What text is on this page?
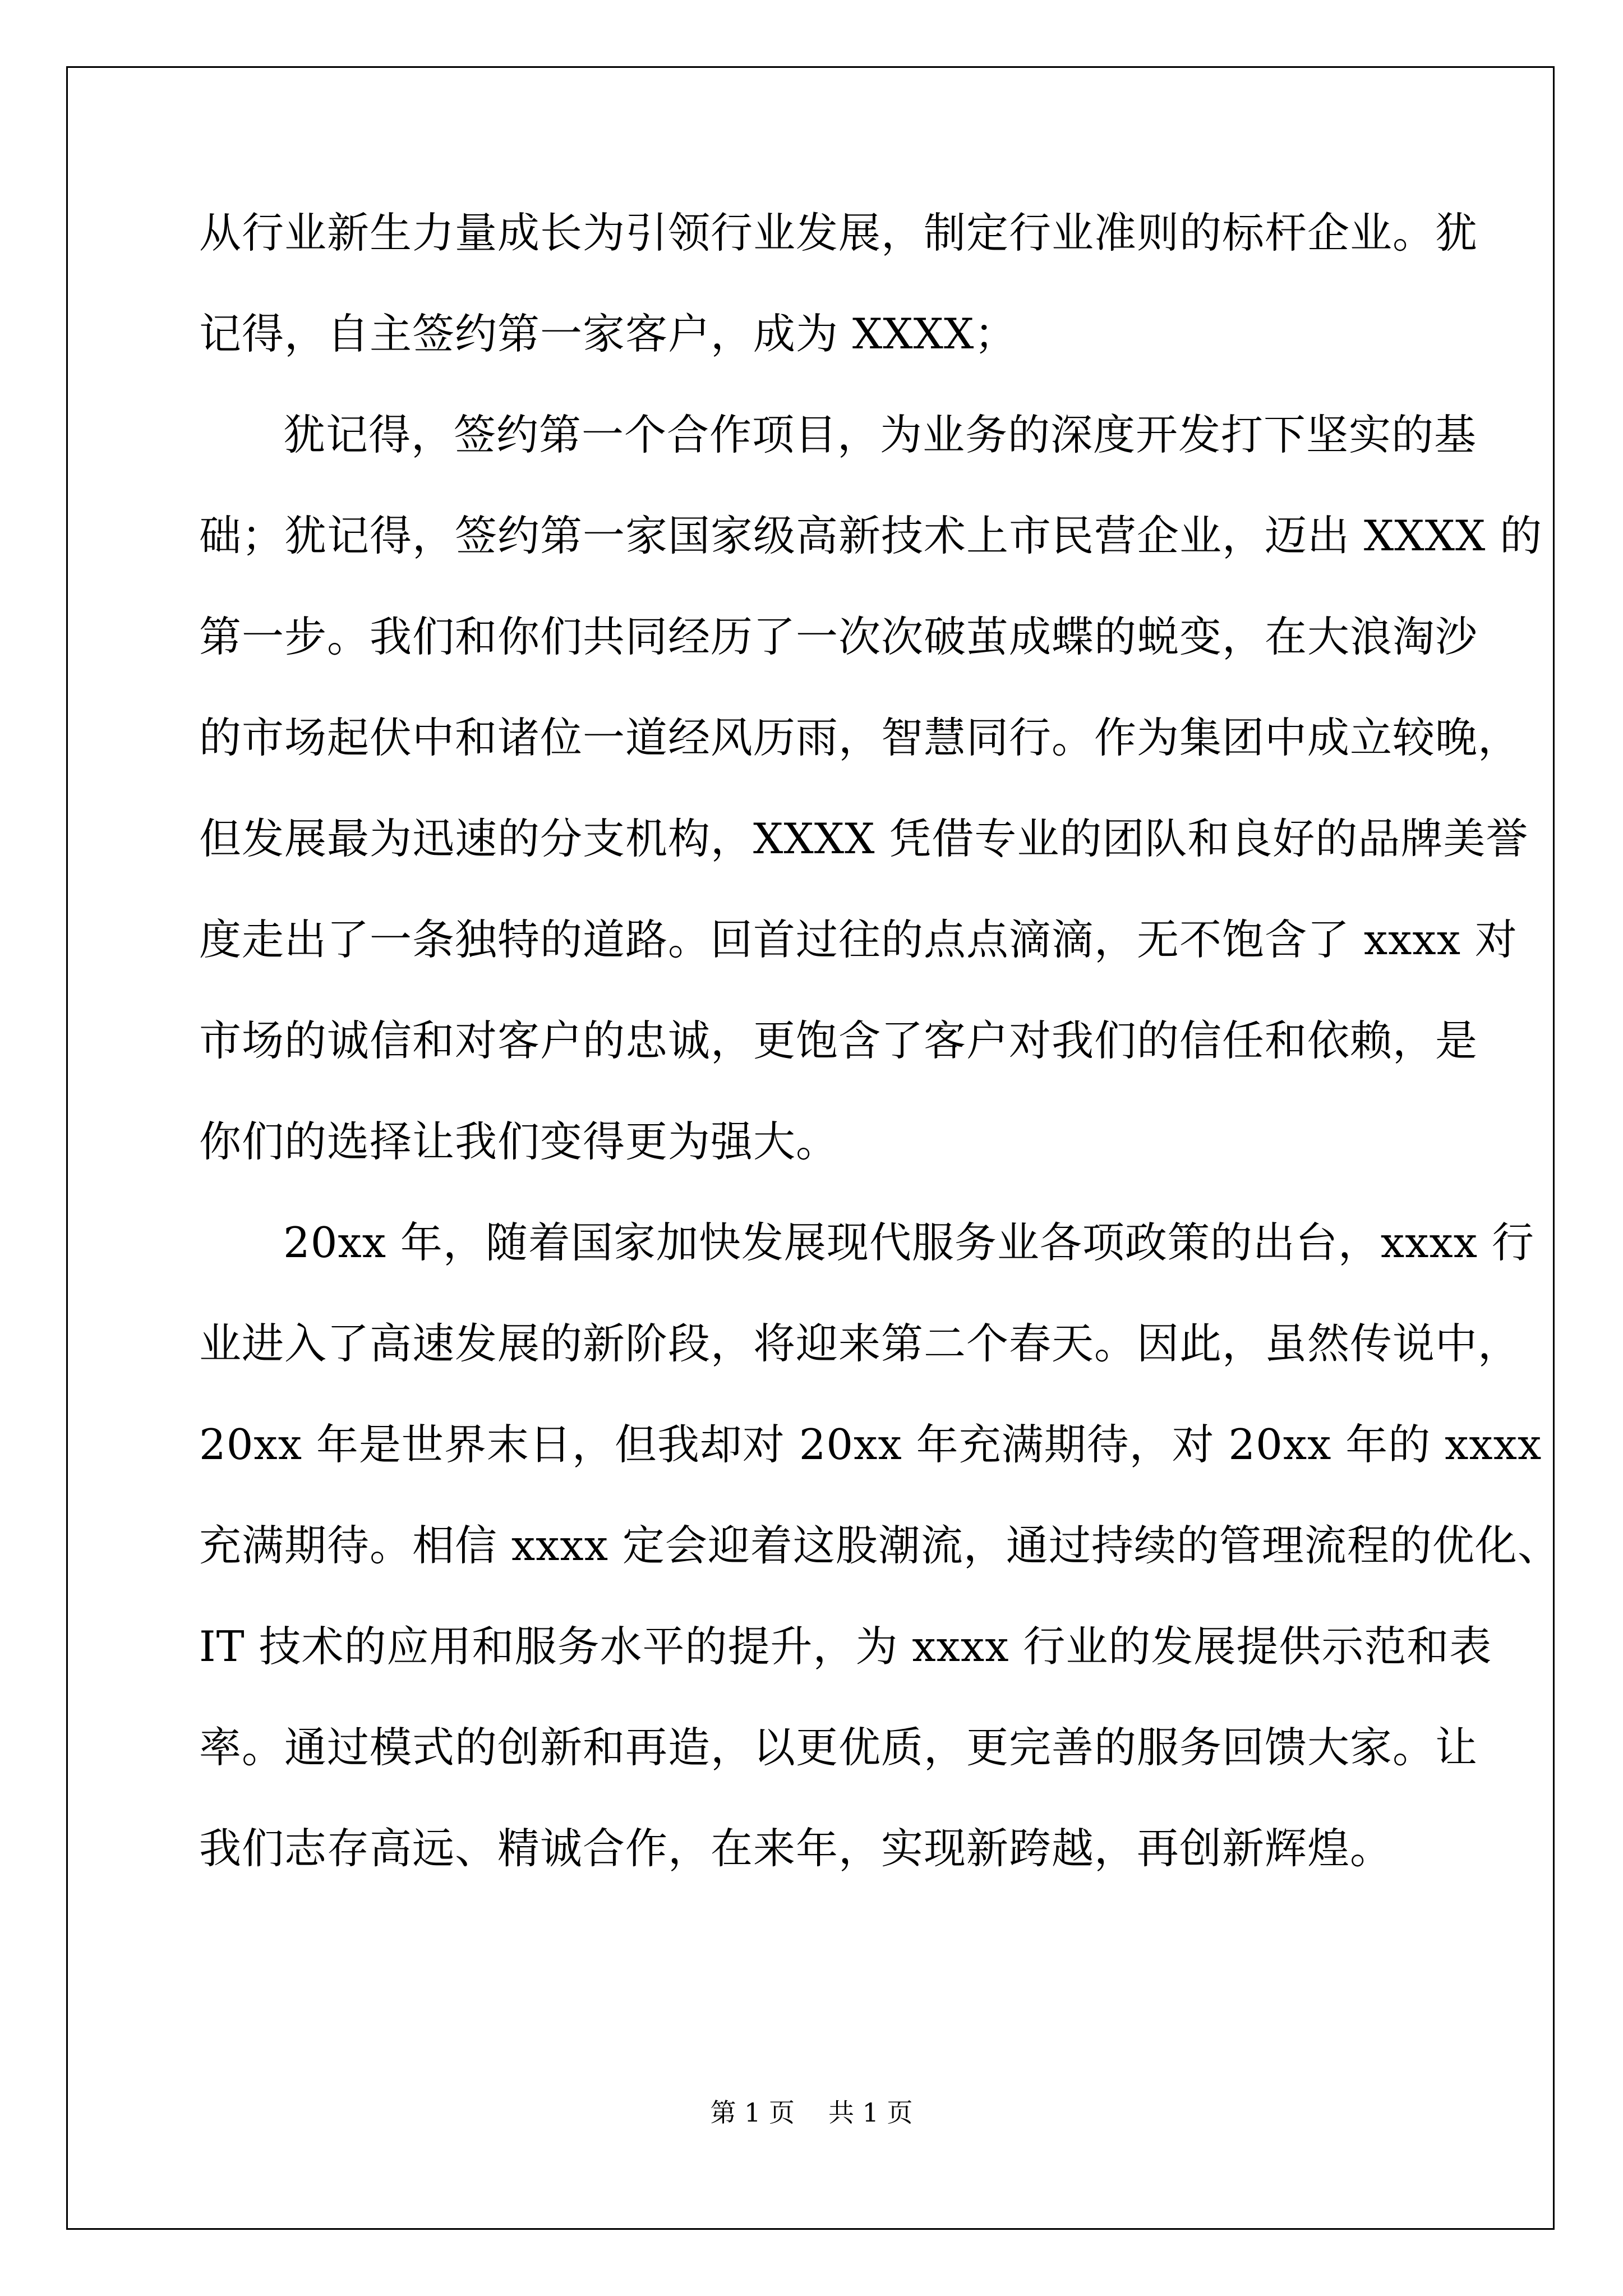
从行业新生力量成长为引领行业发展，制定行业准则的标杆企业。犹
记得，自主签约第一家客户，成为 XXXX；
犹记得，签约第一个合作项目，为业务的深度开发打下坚实的基
础；犹记得，签约第一家国家级高新技术上市民营企业，迈出 XXXX 的
第一步。我们和你们共同经历了一次次破茧成蝶的蜕变，在大浪淘沙
的市场起伏中和诸位一道经风历雨，智慧同行。作为集团中成立较晚，
但发展最为迅速的分支机构，XXXX 凭借专业的团队和良好的品牌美誉
度走出了一条独特的道路。回首过往的点点滴滴，无不饱含了 xxxx 对
市场的诚信和对客户的忠诚，更饱含了客户对我们的信任和依赖，是
你们的选择让我们变得更为强大。
20xx 年，随着国家加快发展现代服务业各项政策的出台，xxxx 行
业进入了高速发展的新阶段，将迎来第二个春天。因此，虽然传说中，
20xx 年是世界末日，但我却对 20xx 年充满期待，对 20xx 年的 xxxx
充满期待。相信 xxxx 定会迎着这股潮流，通过持续的管理流程的优化、
IT 技术的应用和服务水平的提升，为 xxxx 行业的发展提供示范和表
率。通过模式的创新和再造，以更优质，更完善的服务回馈大家。让
我们志存高远、精诚合作，在来年，实现新跨越，再创新辉煌。
第 1 页 共 1 页
